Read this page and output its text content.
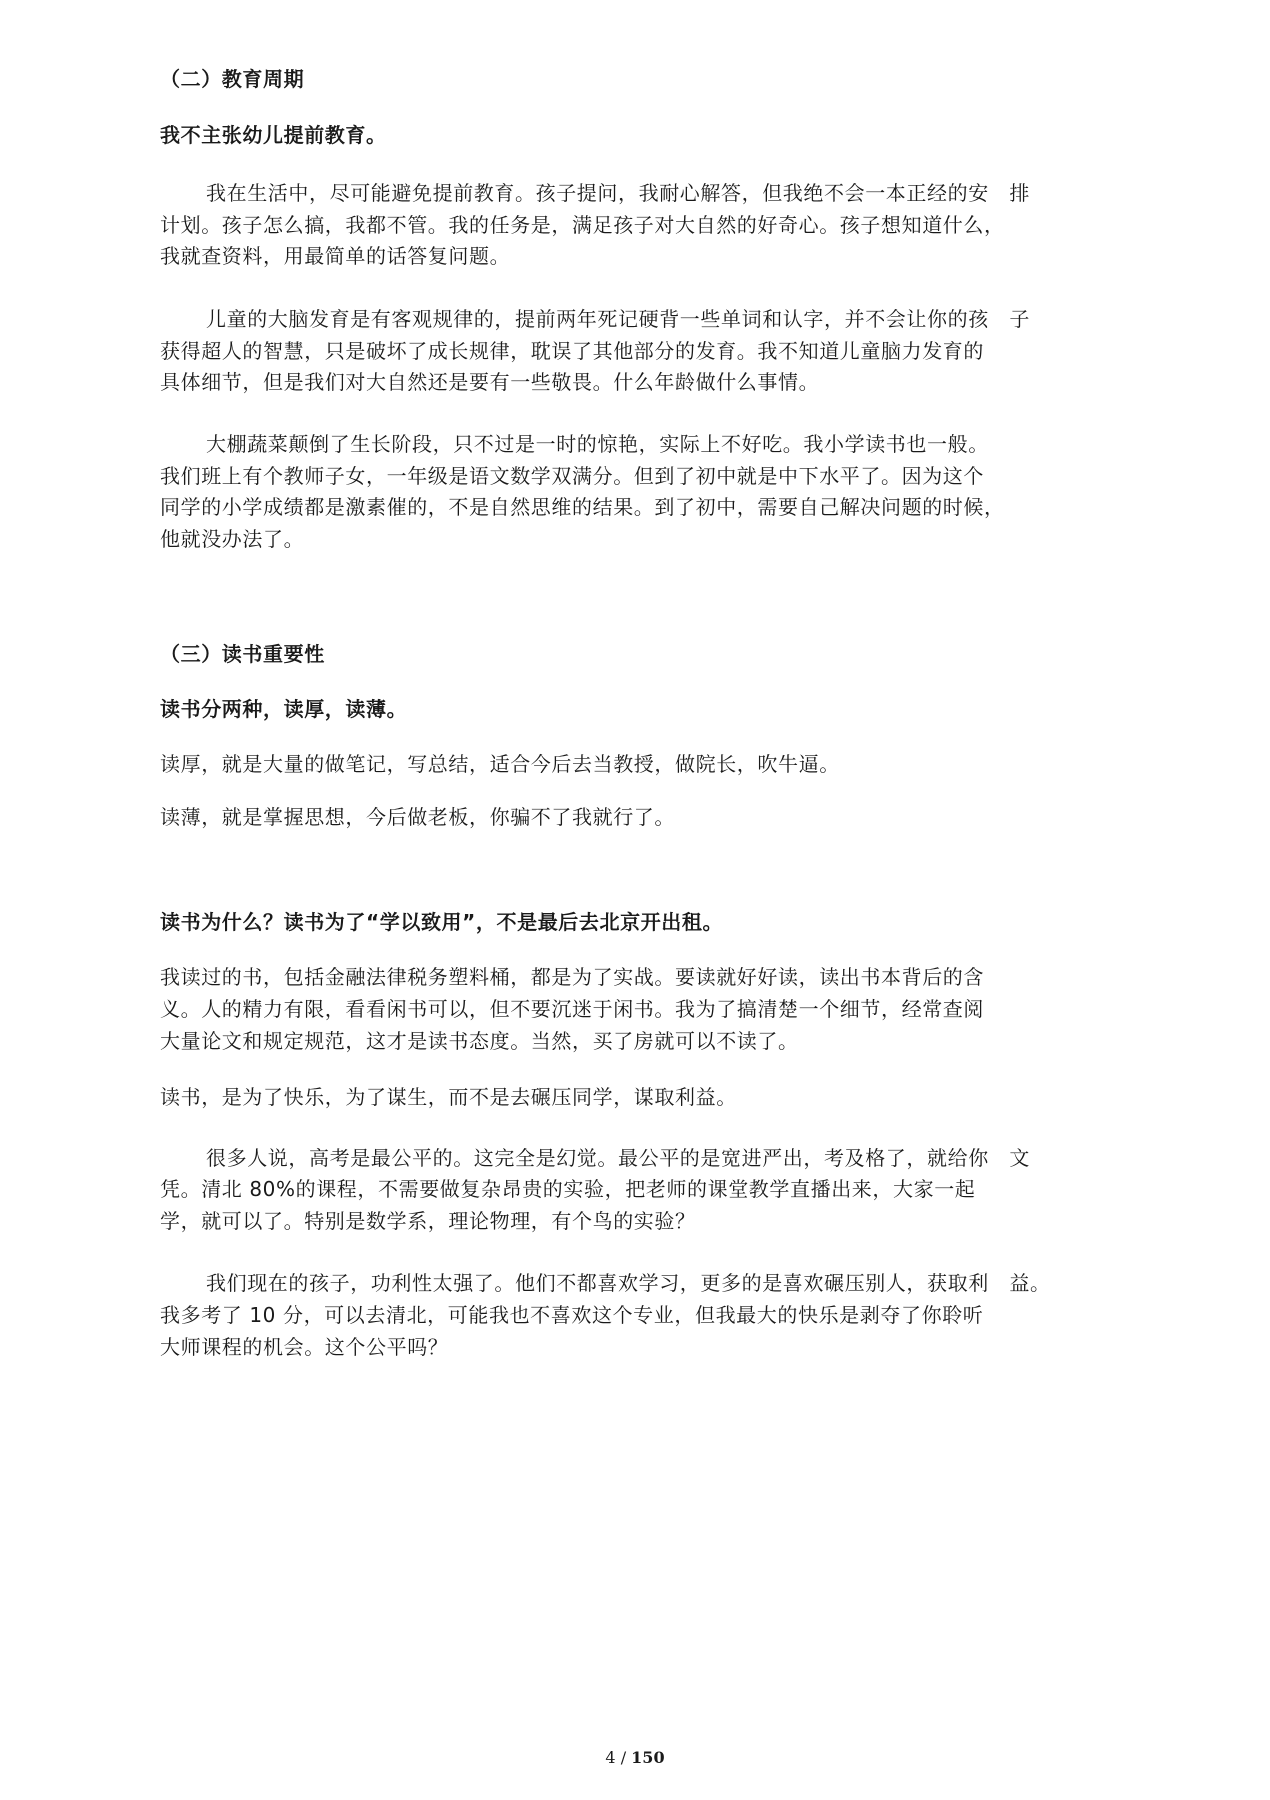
（二）教育周期
我不主张幼儿提前教育。
我在生活中，尽可能避免提前教育。孩子提问，我耐心解答，但我绝不会一本正经的安　排
计划。孩子怎么搞，我都不管。我的任务是，满足孩子对大自然的好奇心。孩子想知道什么，
我就查资料，用最简单的话答复问题。
儿童的大脑发育是有客观规律的，提前两年死记硬背一些单词和认字，并不会让你的孩　子
获得超人的智慧，只是破坏了成长规律，耽误了其他部分的发育。我不知道儿童脑力发育的
具体细节，但是我们对大自然还是要有一些敬畏。什么年龄做什么事情。
大棚蔬菜颠倒了生长阶段，只不过是一时的惊艳，实际上不好吃。我小学读书也一般。
我们班上有个教师子女，一年级是语文数学双满分。但到了初中就是中下水平了。因为这个
同学的小学成绩都是激素催的，不是自然思维的结果。到了初中，需要自己解决问题的时候，
他就没办法了。
（三）读书重要性
读书分两种，读厚，读薄。
读厚，就是大量的做笔记，写总结，适合今后去当教授，做院长，吹牛逼。
读薄，就是掌握思想，今后做老板，你骗不了我就行了。
读书为什么？读书为了“学以致用”，不是最后去北京开出租。
我读过的书，包括金融法律税务塑料桶，都是为了实战。要读就好好读，读出书本背后的含
义。人的精力有限，看看闲书可以，但不要沉迷于闲书。我为了搞清楚一个细节，经常查阅
大量论文和规定规范，这才是读书态度。当然，买了房就可以不读了。
读书，是为了快乐，为了谋生，而不是去碾压同学，谋取利益。
很多人说，高考是最公平的。这完全是幻觉。最公平的是宽进严出，考及格了，就给你　文
凭。清北 80%的课程，不需要做复杂昂贵的实验，把老师的课堂教学直播出来，大家一起
学，就可以了。特别是数学系，理论物理，有个鸟的实验？
我们现在的孩子，功利性太强了。他们不都喜欢学习，更多的是喜欢碾压别人，获取利　益。
我多考了 10 分，可以去清北，可能我也不喜欢这个专业，但我最大的快乐是剥夺了你聆听
大师课程的机会。这个公平吗？
4 / 150
